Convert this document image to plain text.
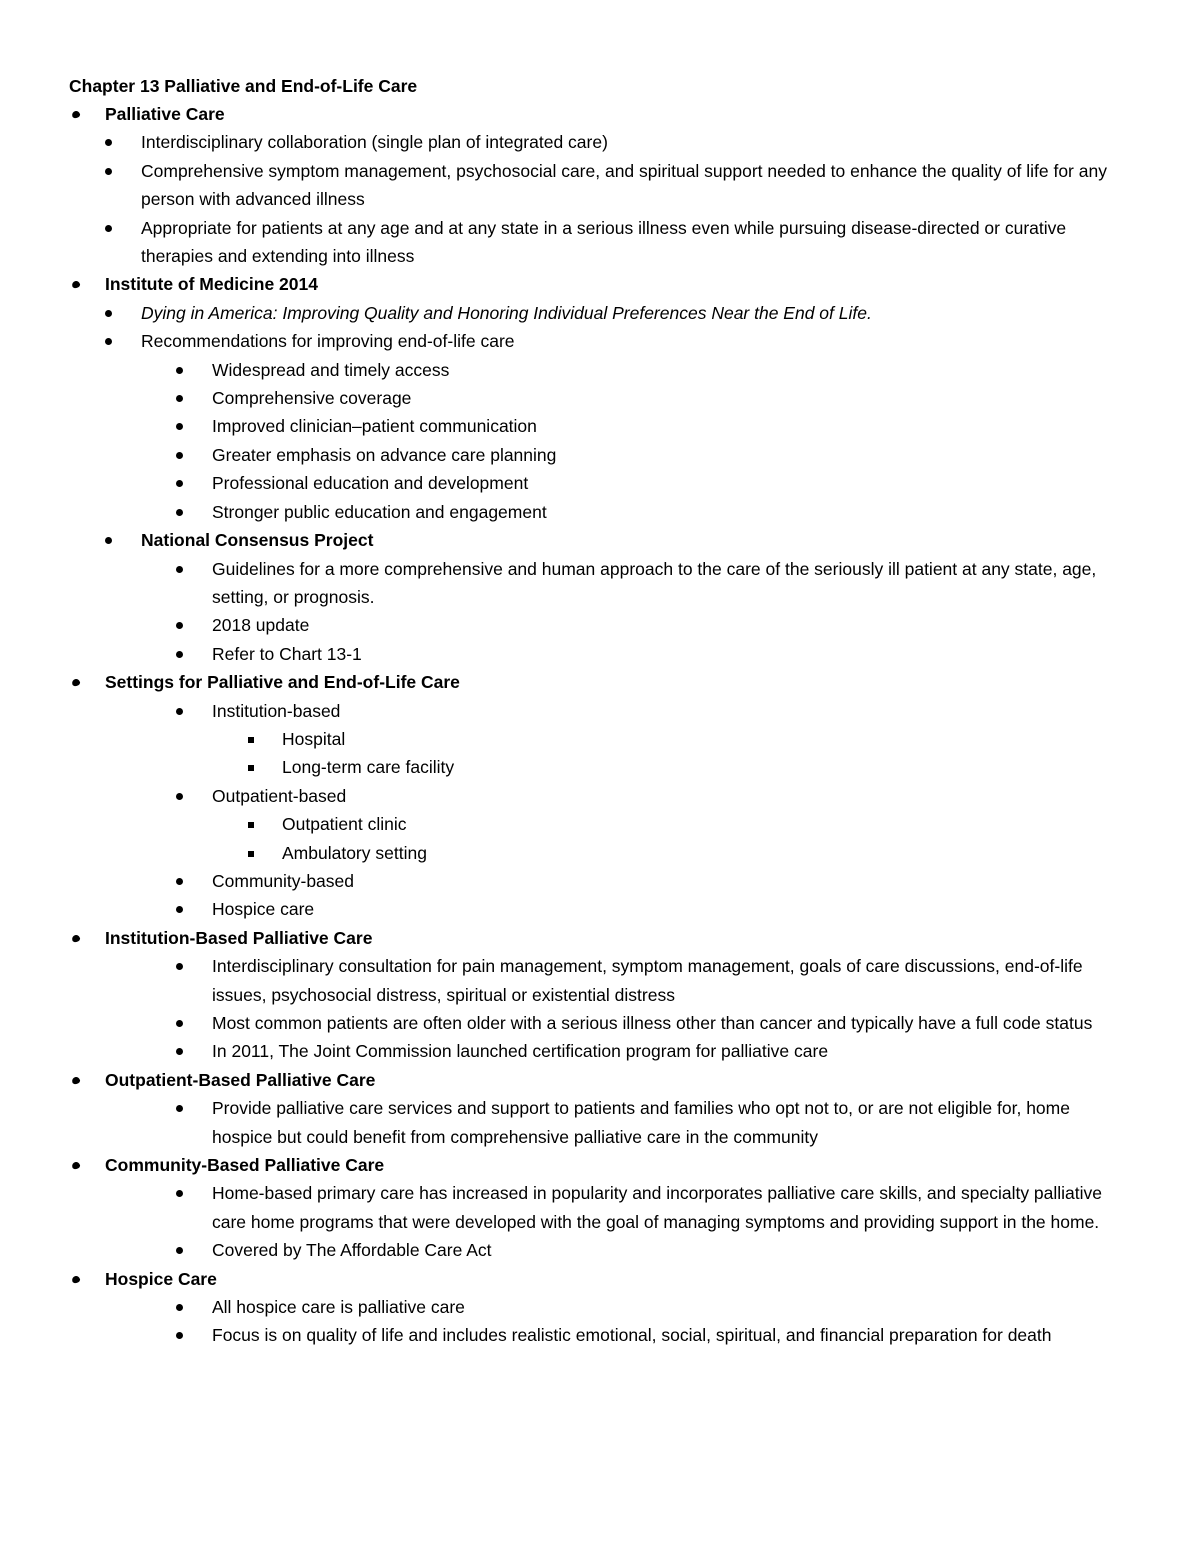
Chapter 13 Palliative and End-of-Life Care
Palliative Care
Interdisciplinary collaboration (single plan of integrated care)
Comprehensive symptom management, psychosocial care, and spiritual support needed to enhance the quality of life for any person with advanced illness
Appropriate for patients at any age and at any state in a serious illness even while pursuing disease-directed or curative therapies and extending into illness
Institute of Medicine 2014
Dying in America: Improving Quality and Honoring Individual Preferences Near the End of Life.
Recommendations for improving end-of-life care
Widespread and timely access
Comprehensive coverage
Improved clinician–patient communication
Greater emphasis on advance care planning
Professional education and development
Stronger public education and engagement
National Consensus Project
Guidelines for a more comprehensive and human approach to the care of the seriously ill patient at any state, age, setting, or prognosis.
2018 update
Refer to Chart 13-1
Settings for Palliative and End-of-Life Care
Institution-based
Hospital
Long-term care facility
Outpatient-based
Outpatient clinic
Ambulatory setting
Community-based
Hospice care
Institution-Based Palliative Care
Interdisciplinary consultation for pain management, symptom management, goals of care discussions, end-of-life issues, psychosocial distress, spiritual or existential distress
Most common patients are often older with a serious illness other than cancer and typically have a full code status
In 2011, The Joint Commission launched certification program for palliative care
Outpatient-Based Palliative Care
Provide palliative care services and support to patients and families who opt not to, or are not eligible for, home hospice but could benefit from comprehensive palliative care in the community
Community-Based Palliative Care
Home-based primary care has increased in popularity and incorporates palliative care skills, and specialty palliative care home programs that were developed with the goal of managing symptoms and providing support in the home.
Covered by The Affordable Care Act
Hospice Care
All hospice care is palliative care
Focus is on quality of life and includes realistic emotional, social, spiritual, and financial preparation for death
